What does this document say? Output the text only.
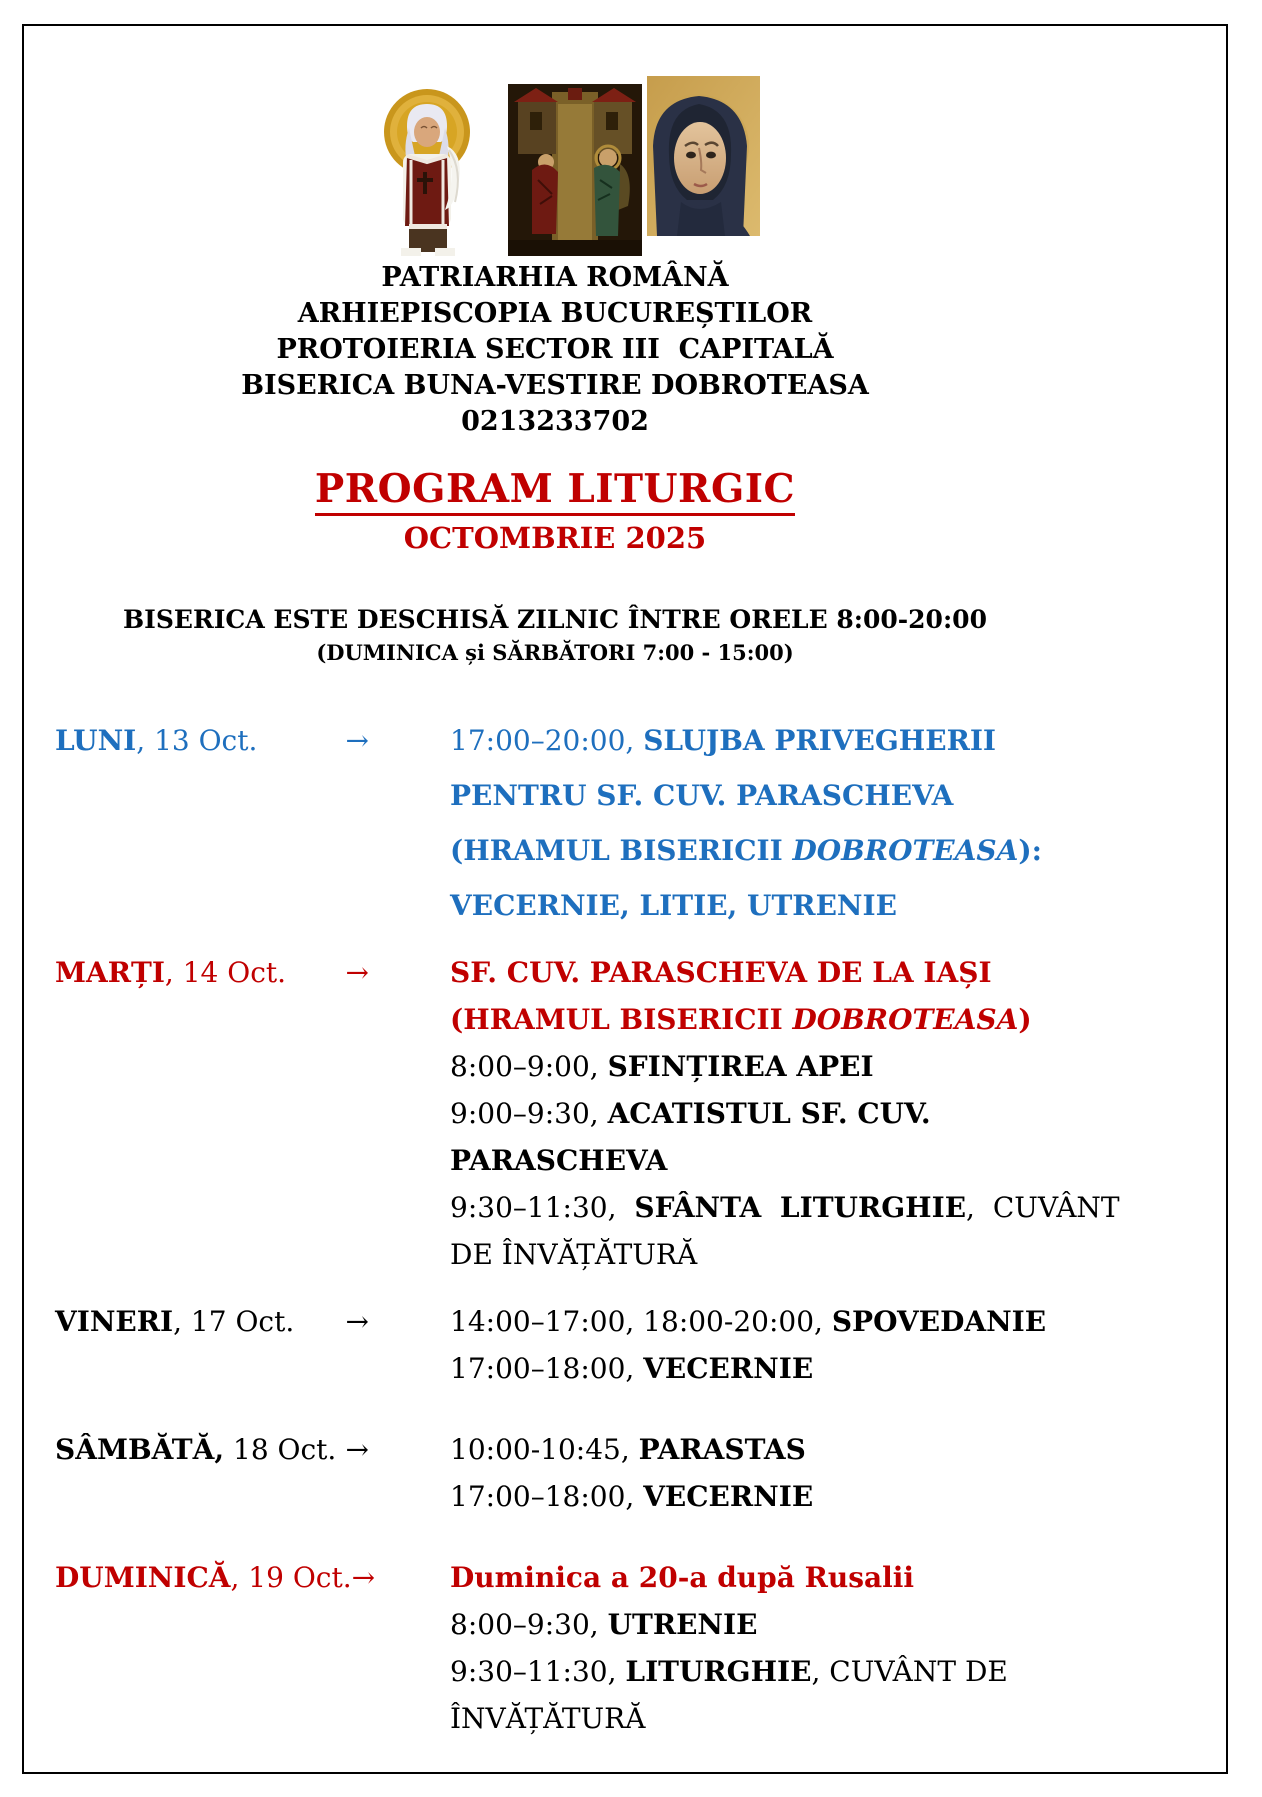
PATRIARHIA ROMÂNĂ
ARHIEPISCOPIA BUCUREȘTILOR
PROTOIERIA SECTOR III  CAPITALĂ
BISERICA BUNA-VESTIRE DOBROTEASA
0213233702
PROGRAM LITURGIC
OCTOMBRIE 2025
BISERICA ESTE DESCHISĂ ZILNIC ÎNTRE ORELE 8:00-20:00
(DUMINICA și SĂRBĂTORI 7:00 - 15:00)
LUNI , 13 Oct.	→	17:00–20:00, SLUJBA PRIVEGHERII
PENTRU SF. CUV. PARASCHEVA
(HRAMUL BISERICII DOBROTEASA):
VECERNIE, LITIE, UTRENIE
MARȚI , 14 Oct. →	SF. CUV. PARASCHEVA DE LA IAȘI
(HRAMUL BISERICII DOBROTEASA)
8:00–9:00, SFINȚIREA APEI
9:00–9:30, ACATISTUL SF. CUV.
PARASCHEVA
9:30–11:30, SFÂNTA LITURGHIE, CUVÂNT
DE ÎNVĂȚĂTURĂ
VINERI , 17 Oct. →	14:00–17:00, 18:00-20:00, SPOVEDANIE
17:00–18:00, VECERNIE
SÂMBĂTĂ, 18 Oct. →	10:00-10:45, PARASTAS
17:00–18:00, VECERNIE
DUMINICĂ , 19 Oct. →	Duminica a 20-a după Rusalii
8:00–9:30, UTRENIE
9:30–11:30, LITURGHIE, CUVÂNT DE
ÎNVĂȚĂTURĂ
